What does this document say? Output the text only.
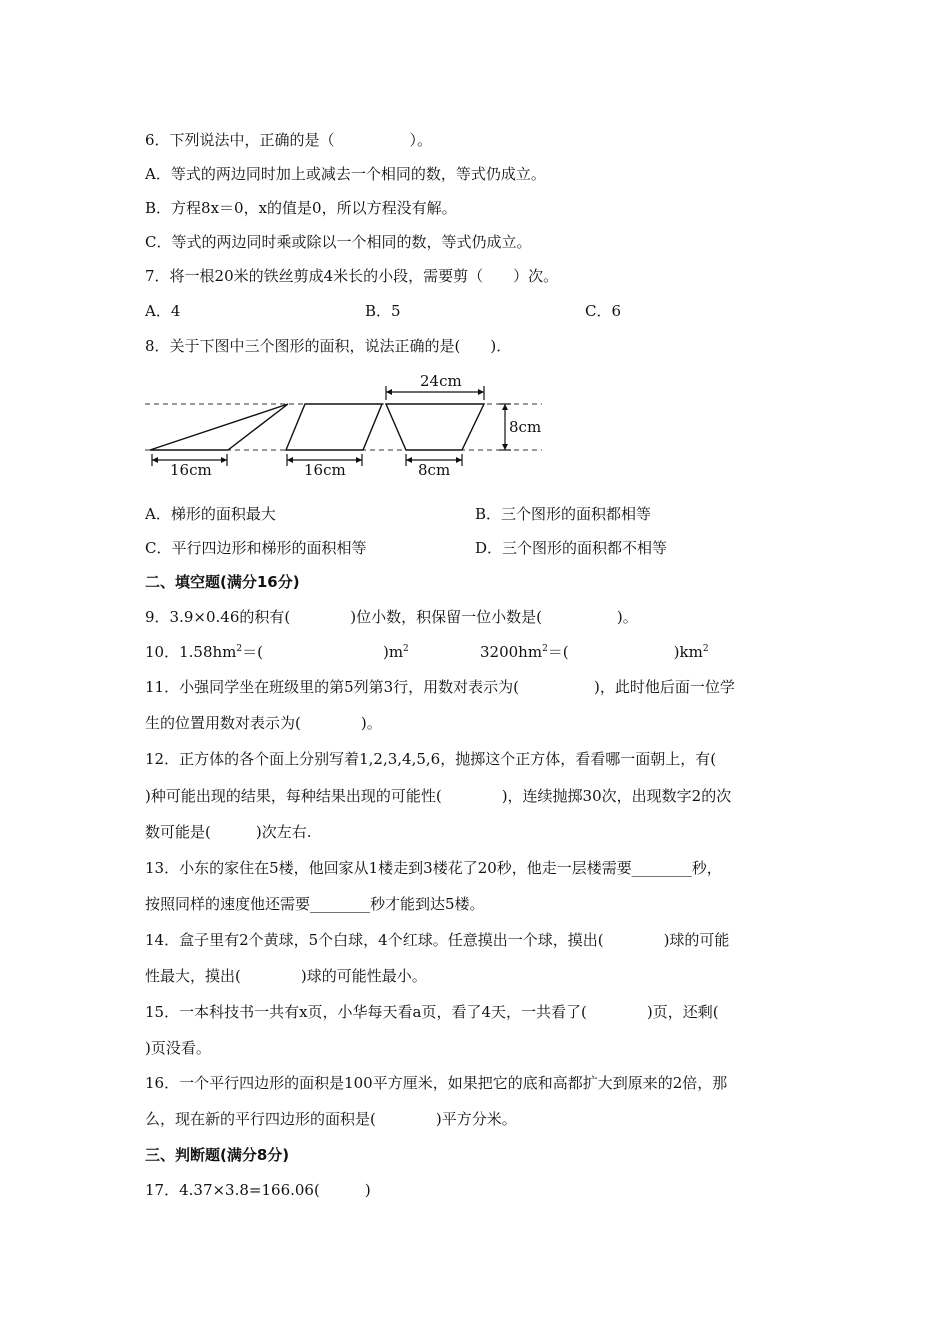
6．下列说法中，正确的是（　　　　　）。
A．等式的两边同时加上或减去一个相同的数，等式仍成立。
B．方程8x＝0，x的值是0，所以方程没有解。
C．等式的两边同时乘或除以一个相同的数，等式仍成立。
7．将一根20米的铁丝剪成4米长的小段，需要剪（　　）次。
A．4	B．5	C．6
8．关于下图中三个图形的面积，说法正确的是(　　)．
16cm	16cm
24cm
8cm
8cm
A．梯形的面积最大	B．三个图形的面积都相等
C．平行四边形和梯形的面积相等	D．三个图形的面积都不相等
二、填空题(满分16分)
9．3.9×0.46的积有(　　　　)位小数，积保留一位小数是(　　　　　)。
10．$1.58hm^2=$(　　　　　　　　)$m^2$	$3200hm^2=$(　　　　　　　)$km^2$
11．小强同学坐在班级里的第5列第3行，用数对表示为(　　　　　)，此时他后面一位学
生的位置用数对表示为(　　　　)。
12．正方体的各个面上分别写着1,2,3,4,5,6，抛掷这个正方体，看看哪一面朝上，有(
)种可能出现的结果，每种结果出现的可能性(　　　　)，连续抛掷30次，出现数字2的次
数可能是(　　　)次左右.
13．小东的家住在5楼，他回家从1楼走到3楼花了20秒，他走一层楼需要________秒，
按照同样的速度他还需要________秒才能到达5楼。
14．盒子里有2个黄球，5个白球，4个红球。任意摸出一个球，摸出(　　　　)球的可能
性最大，摸出(　　　　)球的可能性最小。
15．一本科技书一共有x页，小华每天看a页，看了4天，一共看了(　　　　)页，还剩(
)页没看。
16．一个平行四边形的面积是100平方厘米，如果把它的底和高都扩大到原来的2倍，那
么，现在新的平行四边形的面积是(　　　　)平方分米。
三、判断题(满分8分)
17．4.37×3.8=166.06(　　　)
